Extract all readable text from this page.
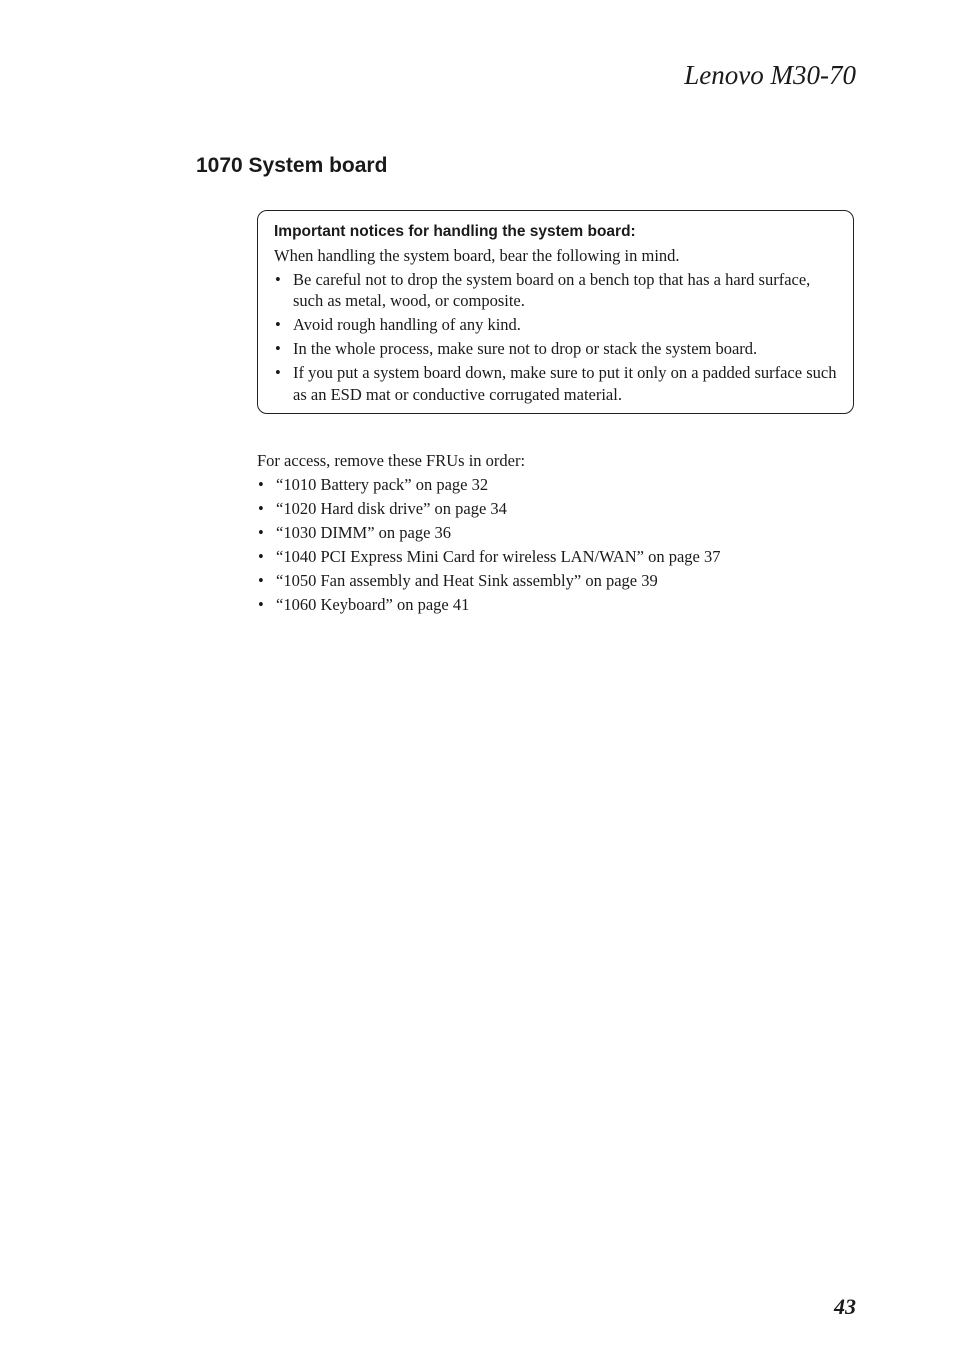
Lenovo M30-70
1070 System board

Important notices for handling the system board:

When handling the system board, bear the following in mind.

• Be careful not to drop the system board on a bench top that has a hard surface, such as metal, wood, or composite.
• Avoid rough handling of any kind.
• In the whole process, make sure not to drop or stack the system board.
• If you put a system board down, make sure to put it only on a padded surface such as an ESD mat or conductive corrugated material.

For access, remove these FRUs in order:

• “1010 Battery pack” on page 32
• “1020 Hard disk drive” on page 34
• “1030 DIMM” on page 36
• “1040 PCI Express Mini Card for wireless LAN/WAN” on page 37
• “1050 Fan assembly and Heat Sink assembly” on page 39
• “1060 Keyboard” on page 41
43
